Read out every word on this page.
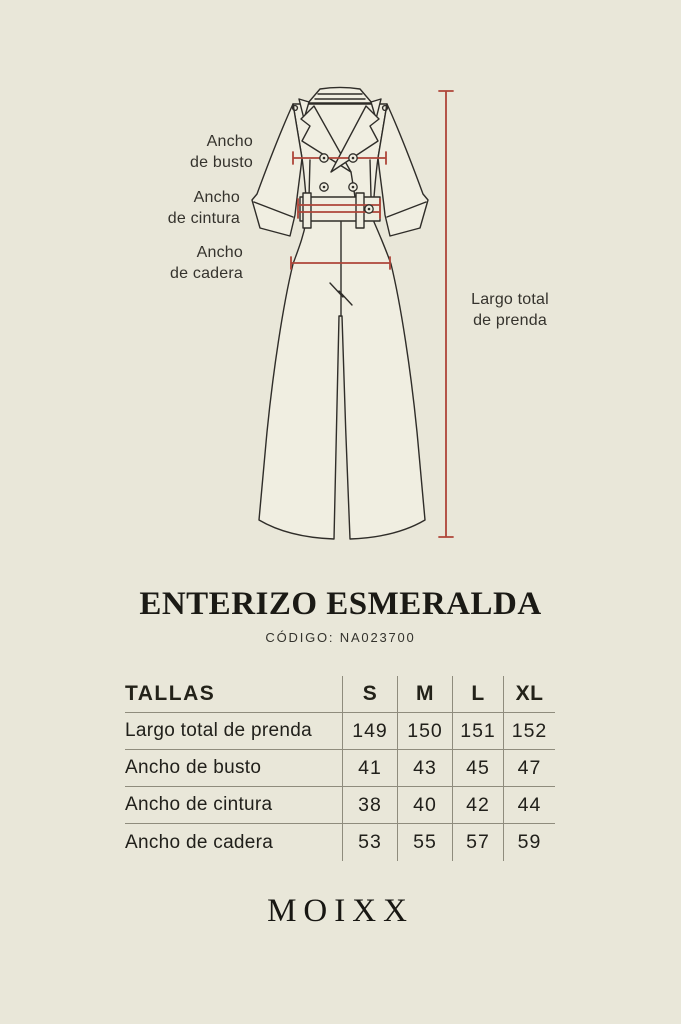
Ancho
de busto
Ancho
de cintura
Ancho
de cadera
Largo total
de prenda
ENTERIZO ESMERALDA
CÓDIGO: NA023700
TALLAS	S	M	L	XL
Largo total de prenda	149 150 151 152
Ancho de busto	41	43	45	47
Ancho de cintura	38	40	42	44
Ancho de cadera	53	55	57	59
MOIXX
